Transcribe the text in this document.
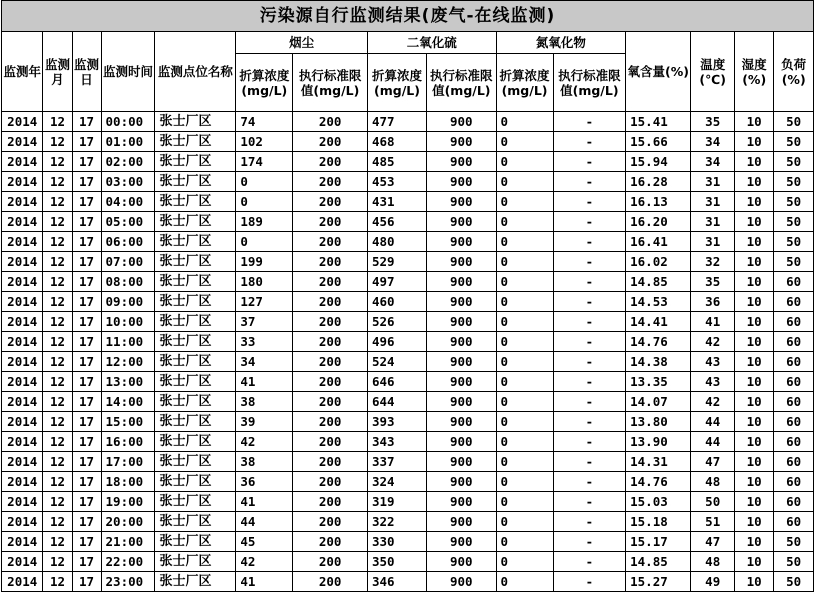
污染源自行监测结果(废气-在线监测)														
监测年	监测月	监测日	监测时间	监测点位名称	烟尘		二氧化硫		氮氧化物		氧含量(%)	温度(℃)	湿度(%)	负荷(%)
					折算浓度(mg/L)	执行标准限值(mg/L)	折算浓度(mg/L)	执行标准限值(mg/L)	折算浓度(mg/L)	执行标准限值(mg/L)				
2014	12	17	00:00	张士厂区	74	200	477	900	0	-	15.41	35	10	50
2014	12	17	01:00	张士厂区	102	200	468	900	0	-	15.66	34	10	50
2014	12	17	02:00	张士厂区	174	200	485	900	0	-	15.94	34	10	50
2014	12	17	03:00	张士厂区	0	200	453	900	0	-	16.28	31	10	50
2014	12	17	04:00	张士厂区	0	200	431	900	0	-	16.13	31	10	50
2014	12	17	05:00	张士厂区	189	200	456	900	0	-	16.20	31	10	50
2014	12	17	06:00	张士厂区	0	200	480	900	0	-	16.41	31	10	50
2014	12	17	07:00	张士厂区	199	200	529	900	0	-	16.02	32	10	50
2014	12	17	08:00	张士厂区	180	200	497	900	0	-	14.85	35	10	60
2014	12	17	09:00	张士厂区	127	200	460	900	0	-	14.53	36	10	60
2014	12	17	10:00	张士厂区	37	200	526	900	0	-	14.41	41	10	60
2014	12	17	11:00	张士厂区	33	200	496	900	0	-	14.76	42	10	60
2014	12	17	12:00	张士厂区	34	200	524	900	0	-	14.38	43	10	60
2014	12	17	13:00	张士厂区	41	200	646	900	0	-	13.35	43	10	60
2014	12	17	14:00	张士厂区	38	200	644	900	0	-	14.07	42	10	60
2014	12	17	15:00	张士厂区	39	200	393	900	0	-	13.80	44	10	60
2014	12	17	16:00	张士厂区	42	200	343	900	0	-	13.90	44	10	60
2014	12	17	17:00	张士厂区	38	200	337	900	0	-	14.31	47	10	60
2014	12	17	18:00	张士厂区	36	200	324	900	0	-	14.76	48	10	60
2014	12	17	19:00	张士厂区	41	200	319	900	0	-	15.03	50	10	60
2014	12	17	20:00	张士厂区	44	200	322	900	0	-	15.18	51	10	60
2014	12	17	21:00	张士厂区	45	200	330	900	0	-	15.17	47	10	50
2014	12	17	22:00	张士厂区	42	200	350	900	0	-	14.85	48	10	50
2014	12	17	23:00	张士厂区	41	200	346	900	0	-	15.27	49	10	50
